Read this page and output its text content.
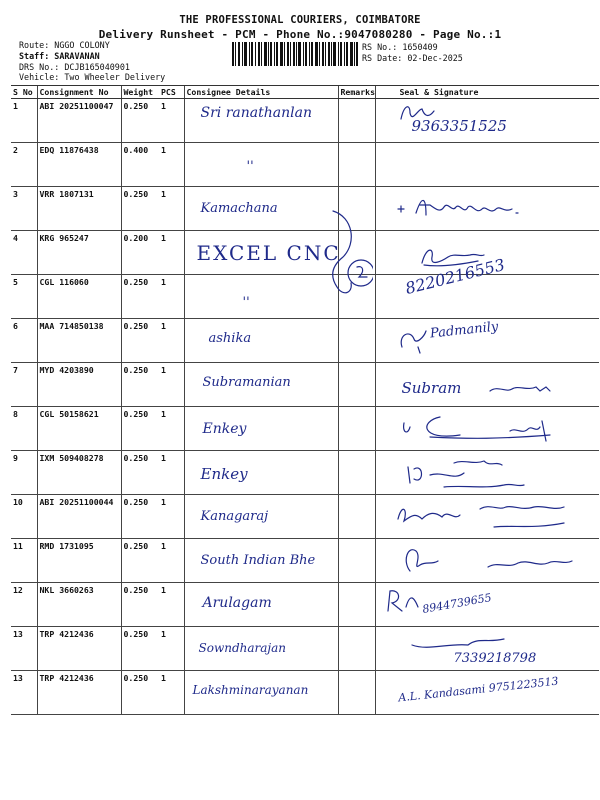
THE PROFESSIONAL COURIERS, COIMBATORE
Delivery Runsheet - PCM - Phone No.:9047080280 - Page No.:1
Route: NGGO COLONY
Staff: SARAVANAN
DRS No.: DCJB165040901
Vehicle: Two Wheeler Delivery
RS No.: 1650409
RS Date: 02-Dec-2025
S No	Consignment No	Weight	PCS	Consignee Details	Remarks	Seal & Signature
1	ABI 20251100047	0.250	1	Sri ranathanlan		9363351525

2	EDQ 11876438	0.400	1	''		

3	VRR 1807131	0.250	1	Kamachana

4	KRG 965247	0.200	1	EXCEL CNC

5	CGL 116060	0.250	1	''		8220216553

6	MAA 714850138	0.250	1	ashika		Padmanily

7	MYD 4203890	0.250	1	Subramanian		Subram

8	CGL 50158621	0.250	1	Enkey

9	IXM 509408278	0.250	1	Enkey

10	ABI 20251100044	0.250	1	Kanagaraj

11	RMD 1731095	0.250	1	South Indian Bhe

12	NKL 3660263	0.250	1	Arulagam		8944739655

13	TRP 4212436	0.250	1	Sowndharajan		7339218798

13	TRP 4212436	0.250	1	Lakshminarayanan		A.L. Kandasami 9751223513
